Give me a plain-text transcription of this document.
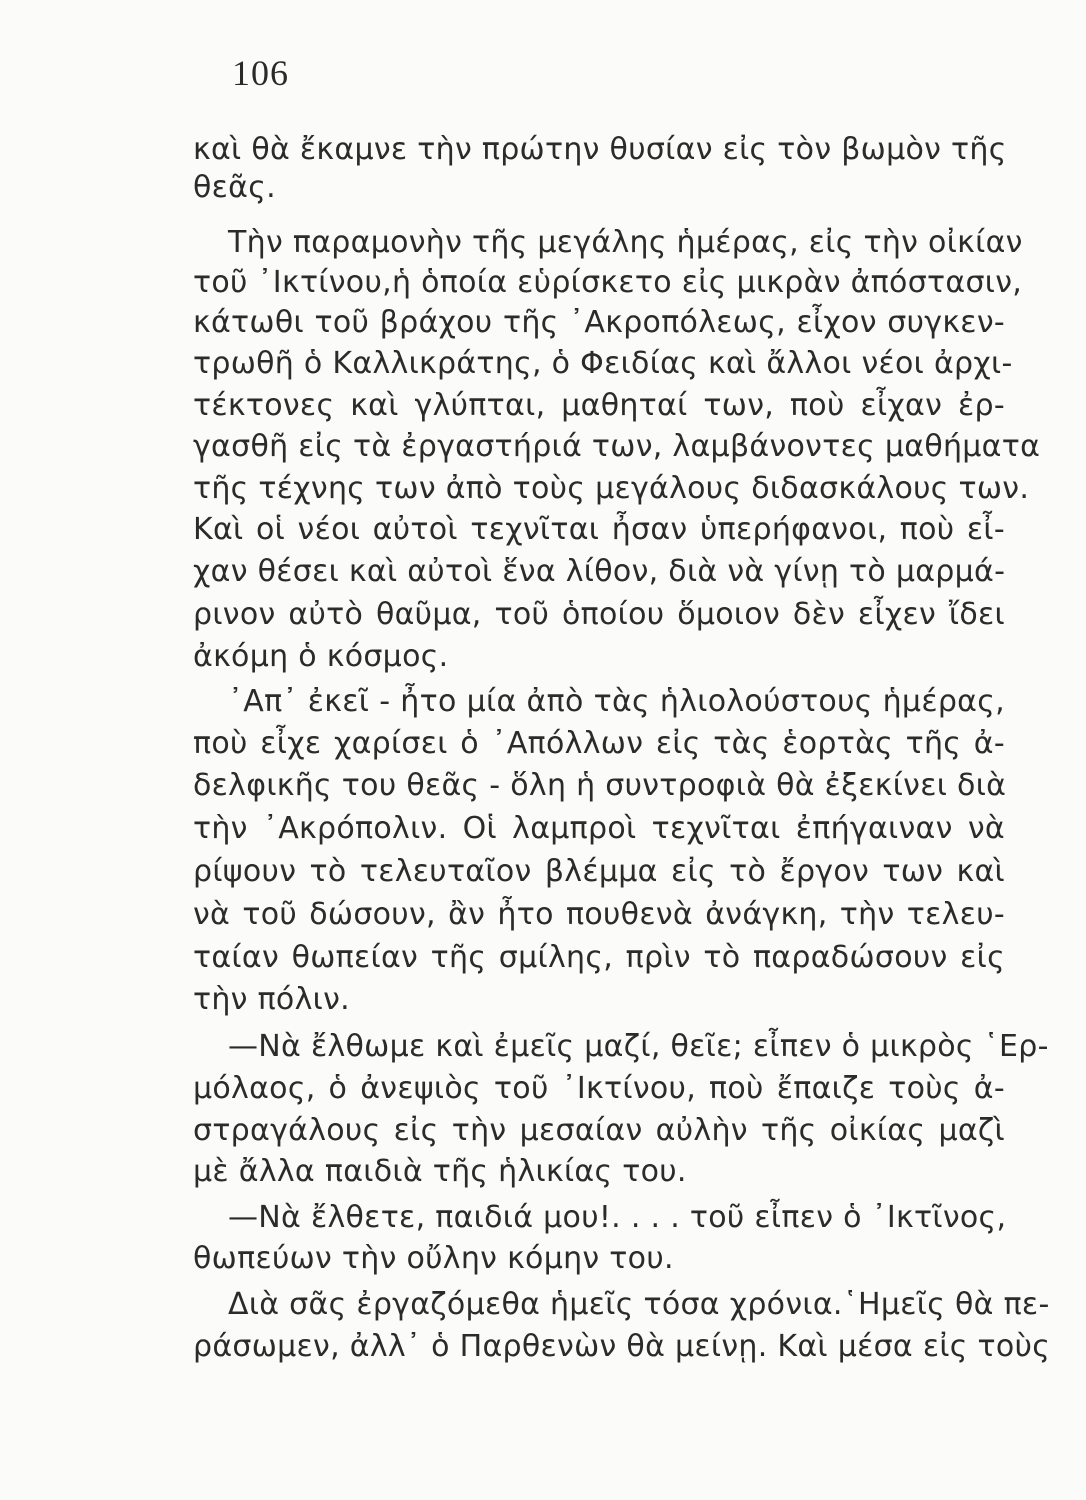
106
καὶ θὰ ἔκαμνε τὴν πρώτην θυσίαν εἰς τὸν βωμὸν τῆς
θεᾶς.
Τὴν παραμονὴν τῆς μεγάλης ἡμέρας, εἰς τὴν οἰκίαν
τοῦ ᾿Ικτίνου,ἡ ὁποία εὑρίσκετο εἰς μικρὰν ἀπόστασιν,
κάτωθι τοῦ βράχου τῆς ᾿Ακροπόλεως, εἶχον συγκεν-
τρωθῆ ὁ Καλλικράτης, ὁ Φειδίας καὶ ἄλλοι νέοι ἀρχι-
τέκτονες καὶ γλύπται, μαθηταί των, ποὺ εἶχαν ἐρ-
γασθῆ εἰς τὰ ἐργαστήριά των, λαμβάνοντες μαθήματα
τῆς τέχνης των ἀπὸ τοὺς μεγάλους διδασκάλους των.
Καὶ οἱ νέοι αὐτοὶ τεχνῖται ἦσαν ὑπερήφανοι, ποὺ εἶ-
χαν θέσει καὶ αὐτοὶ ἕνα λίθον, διὰ νὰ γίνῃ τὸ μαρμά-
ρινον αὐτὸ θαῦμα, τοῦ ὁποίου ὅμοιον δὲν εἶχεν ἴδει
ἀκόμη ὁ κόσμος.
᾿Απ᾿ ἐκεῖ - ἦτο μία ἀπὸ τὰς ἡλιολούστους ἡμέρας,
ποὺ εἶχε χαρίσει ὁ ᾿Απόλλων εἰς τὰς ἑορτὰς τῆς ἀ-
δελφικῆς του θεᾶς - ὅλη ἡ συντροφιὰ θὰ ἐξεκίνει διὰ
τὴν ᾿Ακρόπολιν. Οἱ λαμπροὶ τεχνῖται ἐπήγαιναν νὰ
ρίψουν τὸ τελευταῖον βλέμμα εἰς τὸ ἔργον των καὶ
νὰ τοῦ δώσουν, ἂν ἦτο πουθενὰ ἀνάγκη, τὴν τελευ-
ταίαν θωπείαν τῆς σμίλης, πρὶν τὸ παραδώσουν εἰς
τὴν πόλιν.
—Νὰ ἔλθωμε καὶ ἐμεῖς μαζί, θεῖε; εἶπεν ὁ μικρὸς ῾Ερ-
μόλαος, ὁ ἀνεψιὸς τοῦ ᾿Ικτίνου, ποὺ ἔπαιζε τοὺς ἀ-
στραγάλους εἰς τὴν μεσαίαν αὐλὴν τῆς οἰκίας μαζὶ
μὲ ἄλλα παιδιὰ τῆς ἡλικίας του.
—Νὰ ἔλθετε, παιδιά μου!. . . . τοῦ εἶπεν ὁ ᾿Ικτῖνος,
θωπεύων τὴν οὔλην κόμην του.
Διὰ σᾶς ἐργαζόμεθα ἡμεῖς τόσα χρόνια.῾Ημεῖς θὰ πε-
ράσωμεν, ἀλλ᾿ ὁ Παρθενὼν θὰ μείνῃ. Καὶ μέσα εἰς τοὺς
